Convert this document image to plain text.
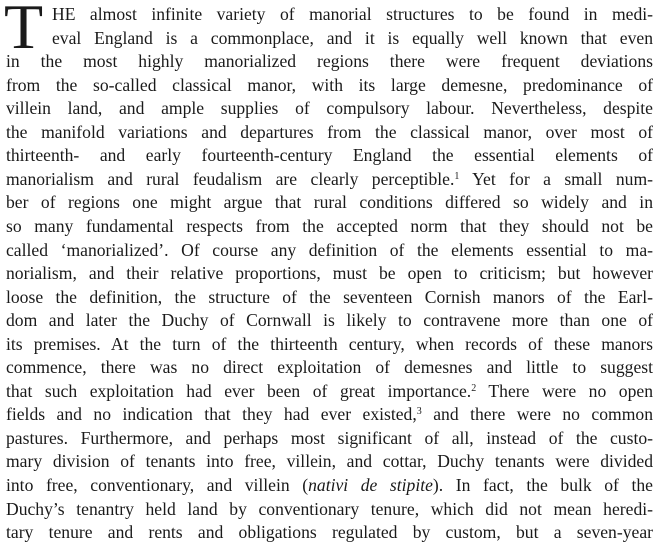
T HE almost infinite variety of manorial structures to be found in medi-
eval England is a commonplace, and it is equally well known that even
in the most highly manorialized regions there were frequent deviations
from the so-called classical manor, with its large demesne, predominance of
villein land, and ample supplies of compulsory labour. Nevertheless, despite
the manifold variations and departures from the classical manor, over most of
thirteenth- and early fourteenth-century England the essential elements of
manorialism and rural feudalism are clearly perceptible.$^1$ Yet for a small num-
ber of regions one might argue that rural conditions differed so widely and in
so many fundamental respects from the accepted norm that they should not be
called ‘manorialized’. Of course any definition of the elements essential to ma-
norialism, and their relative proportions, must be open to criticism; but however
loose the definition, the structure of the seventeen Cornish manors of the Earl-
dom and later the Duchy of Cornwall is likely to contravene more than one of
its premises. At the turn of the thirteenth century, when records of these manors
commence, there was no direct exploitation of demesnes and little to suggest
that such exploitation had ever been of great importance.$^2$ There were no open
fields and no indication that they had ever existed,$^3$ and there were no common
pastures. Furthermore, and perhaps most significant of all, instead of the custo-
mary division of tenants into free, villein, and cottar, Duchy tenants were divided
into free, conventionary, and villein (nativi de stipite). In fact, the bulk of the
Duchy’s tenantry held land by conventionary tenure, which did not mean heredi-
tary tenure and rents and obligations regulated by custom, but a seven-year
